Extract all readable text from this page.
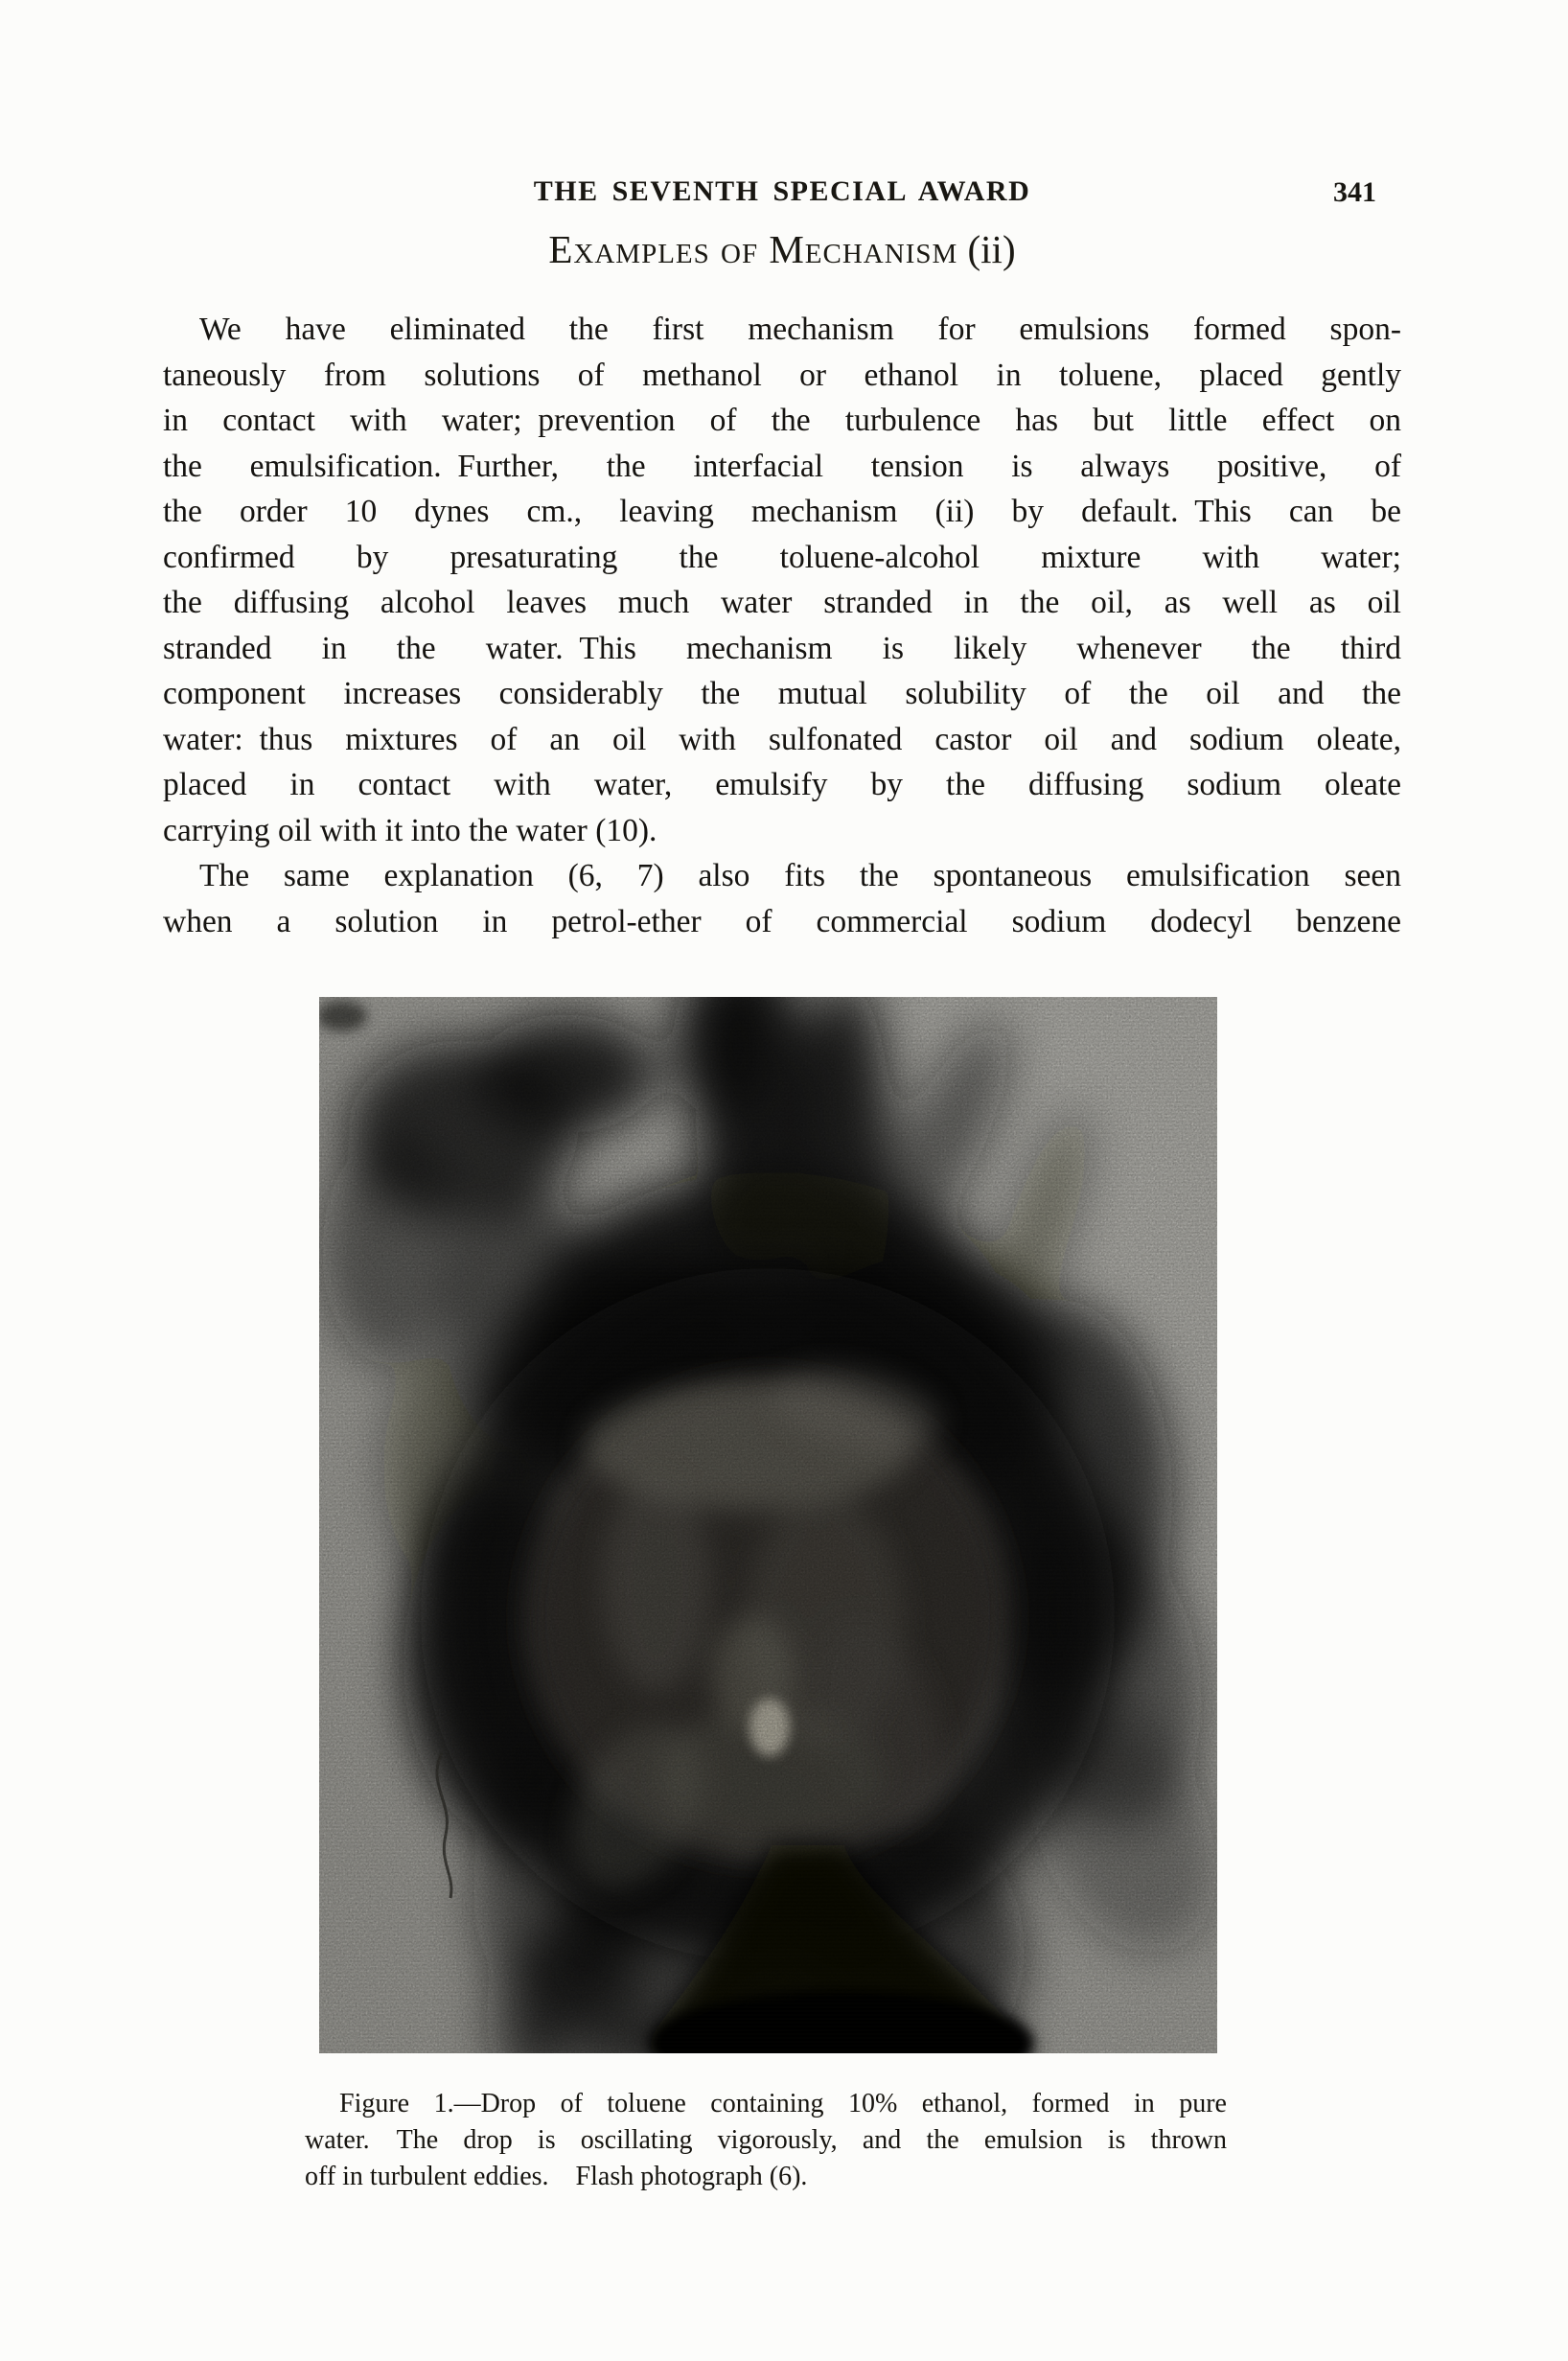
THE SEVENTH SPECIAL AWARD	341
Examples of Mechanism (ii)
We have eliminated the first mechanism for emulsions formed spon-
taneously from solutions of methanol or ethanol in toluene, placed gently
in contact with water; prevention of the turbulence has but little effect on
the emulsification. Further, the interfacial tension is always positive, of
the order 10 dynes cm., leaving mechanism (ii) by default. This can be
confirmed by presaturating the toluene-alcohol mixture with water;
the diffusing alcohol leaves much water stranded in the oil, as well as oil
stranded in the water. This mechanism is likely whenever the third
component increases considerably the mutual solubility of the oil and the
water: thus mixtures of an oil with sulfonated castor oil and sodium oleate,
placed in contact with water, emulsify by the diffusing sodium oleate
carrying oil with it into the water (10).
The same explanation (6, 7) also fits the spontaneous emulsification seen
when a solution in petrol-ether of commercial sodium dodecyl benzene
Figure 1.—Drop of toluene containing 10% ethanol, formed in pure
water.  The drop is oscillating vigorously, and the emulsion is thrown
off in turbulent eddies.  Flash photograph (6).
